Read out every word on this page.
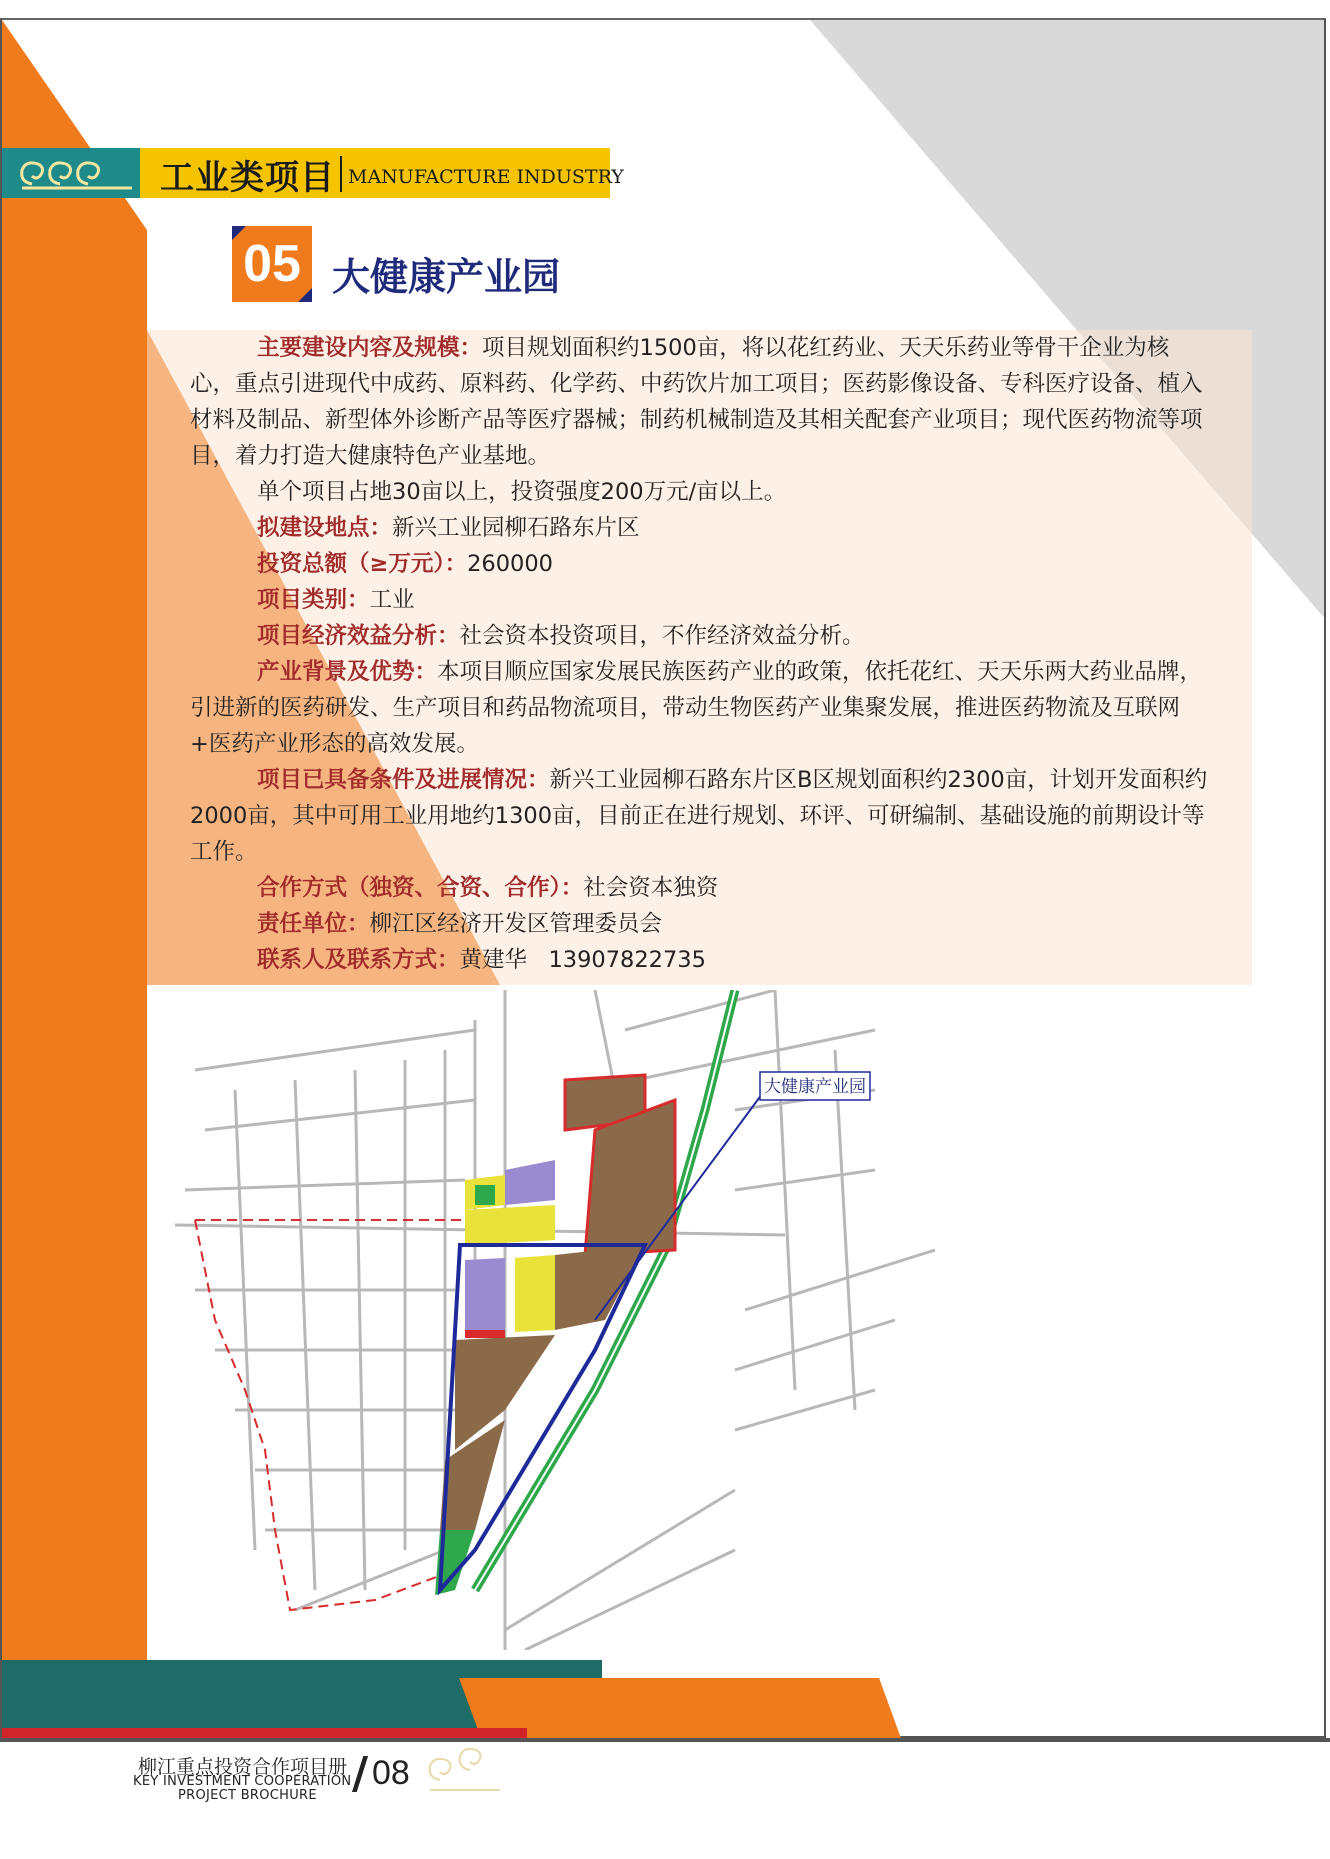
工业类项目 MANUFACTURE INDUSTRY
05 大健康产业园

主要建设内容及规模：项目规划面积约1500亩，将以花红药业、天天乐药业等骨干企业为核心，重点引进现代中成药、原料药、化学药、中药饮片加工项目；医药影像设备、专科医疗设备、植入材料及制品、新型体外诊断产品等医疗器械；制药机械制造及其相关配套产业项目；现代医药物流等项目，着力打造大健康特色产业基地。

单个项目占地30亩以上，投资强度200万元/亩以上。

拟建设地点：新兴工业园柳石路东片区

投资总额（≥万元）：260000

项目类别：工业

项目经济效益分析：社会资本投资项目，不作经济效益分析。

产业背景及优势：本项目顺应国家发展民族医药产业的政策，依托花红、天天乐两大药业品牌，引进新的医药研发、生产项目和药品物流项目，带动生物医药产业集聚发展，推进医药物流及互联网+医药产业形态的高效发展。

项目已具备条件及进展情况：新兴工业园柳石路东片区B区规划面积约2300亩，计划开发面积约2000亩，其中可用工业用地约1300亩，目前正在进行规划、环评、可研编制、基础设施的前期设计等工作。

合作方式（独资、合资、合作）：社会资本独资

责任单位：柳江区经济开发区管理委员会

联系人及联系方式：黄建华   13907822735

大健康产业园
柳江重点投资合作项目册
KEY INVESTMENT COOPERATION
PROJECT BROCHURE / 08
